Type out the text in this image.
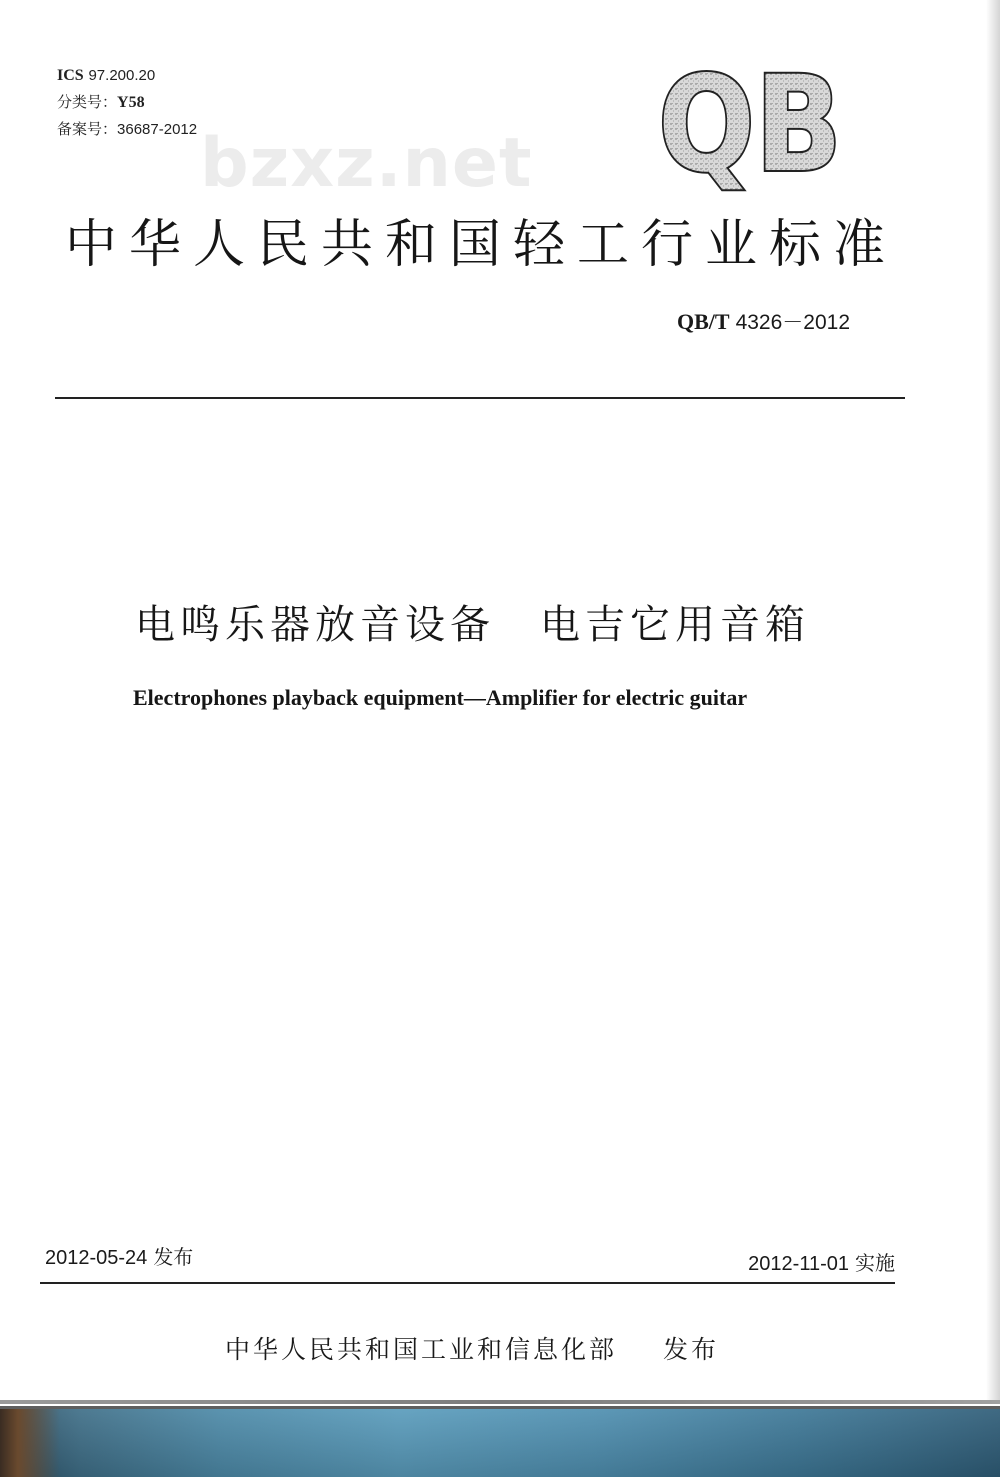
ICS 97.200.20
分类号：Y58
备案号：36687-2012 bzxz.net QB
中华人民共和国轻工行业标准
QB/T 4326－2012
电鸣乐器放音设备　电吉它用音箱
Electrophones playback equipment—Amplifier for electric guitar
2012-05-24 发布	2012-11-01 实施
中华人民共和国工业和信息化部 发布
